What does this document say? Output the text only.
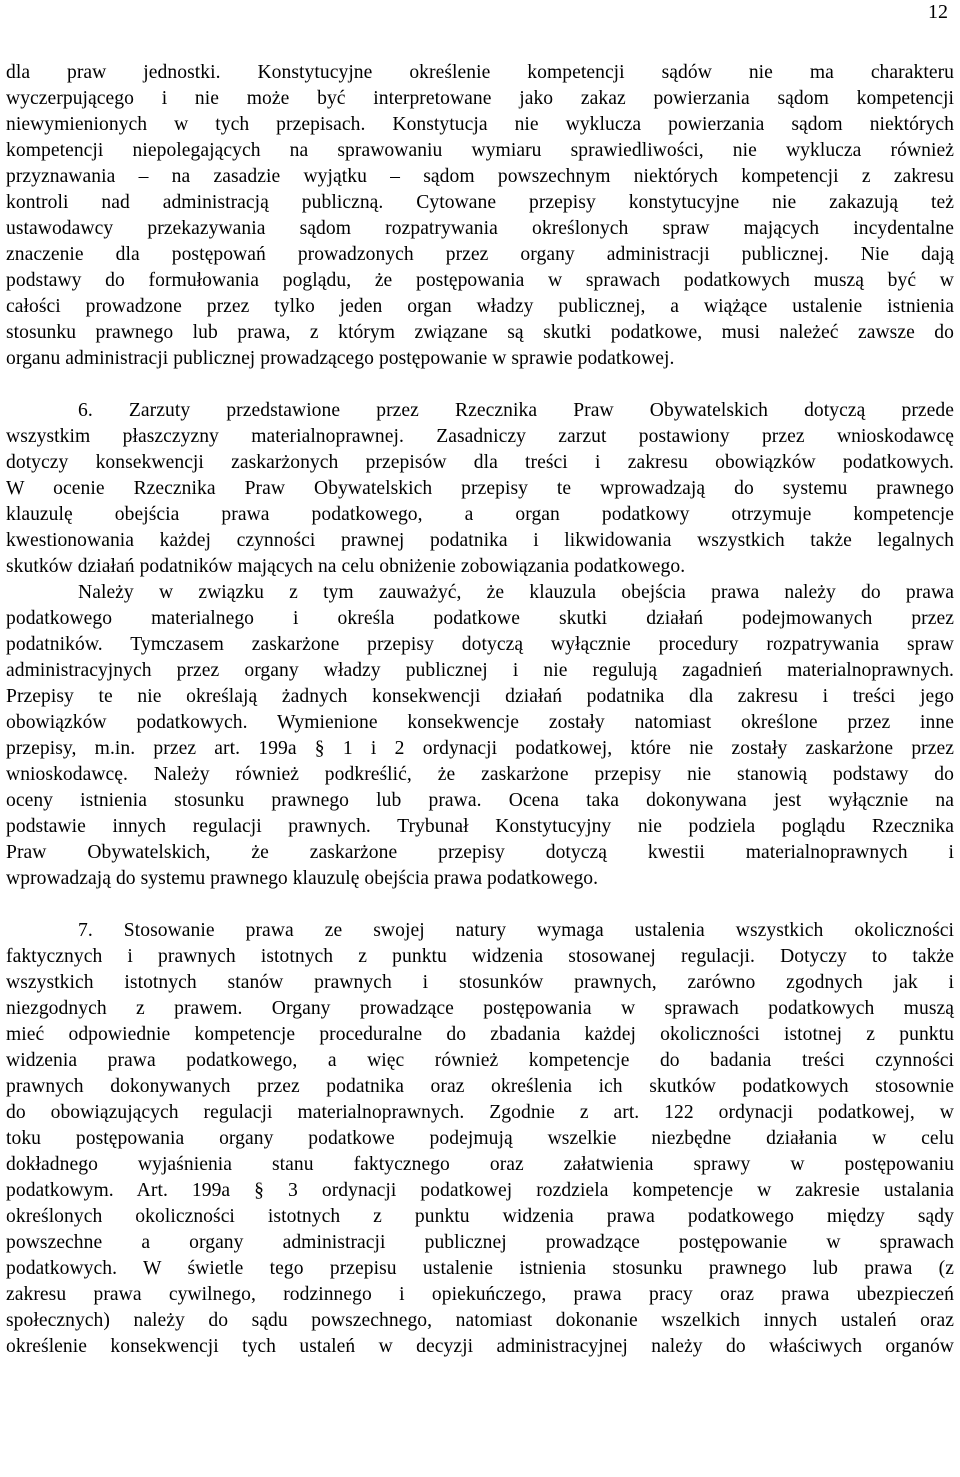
12
dla praw jednostki. Konstytucyjne określenie kompetencji sądów nie ma charakteru
wyczerpującego i nie może być interpretowane jako zakaz powierzania sądom kompetencji
niewymienionych w tych przepisach. Konstytucja nie wyklucza powierzania sądom niektórych
kompetencji niepolegających na sprawowaniu wymiaru sprawiedliwości, nie wyklucza również
przyznawania – na zasadzie wyjątku – sądom powszechnym niektórych kompetencji z zakresu
kontroli nad administracją publiczną. Cytowane przepisy konstytucyjne nie zakazują też
ustawodawcy przekazywania sądom rozpatrywania określonych spraw mających incydentalne
znaczenie dla postępowań prowadzonych przez organy administracji publicznej. Nie dają
podstawy do formułowania poglądu, że postępowania w sprawach podatkowych muszą być w
całości prowadzone przez tylko jeden organ władzy publicznej, a wiążące ustalenie istnienia
stosunku prawnego lub prawa, z którym związane są skutki podatkowe, musi należeć zawsze do
organu administracji publicznej prowadzącego postępowanie w sprawie podatkowej.
6. Zarzuty przedstawione przez Rzecznika Praw Obywatelskich dotyczą przede
wszystkim płaszczyzny materialnoprawnej. Zasadniczy zarzut postawiony przez wnioskodawcę
dotyczy konsekwencji zaskarżonych przepisów dla treści i zakresu obowiązków podatkowych.
W ocenie Rzecznika Praw Obywatelskich przepisy te wprowadzają do systemu prawnego
klauzulę obejścia prawa podatkowego, a organ podatkowy otrzymuje kompetencje
kwestionowania każdej czynności prawnej podatnika i likwidowania wszystkich także legalnych
skutków działań podatników mających na celu obniżenie zobowiązania podatkowego.
Należy w związku z tym zauważyć, że klauzula obejścia prawa należy do prawa
podatkowego materialnego i określa podatkowe skutki działań podejmowanych przez
podatników. Tymczasem zaskarżone przepisy dotyczą wyłącznie procedury rozpatrywania spraw
administracyjnych przez organy władzy publicznej i nie regulują zagadnień materialnoprawnych.
Przepisy te nie określają żadnych konsekwencji działań podatnika dla zakresu i treści jego
obowiązków podatkowych. Wymienione konsekwencje zostały natomiast określone przez inne
przepisy, m.in. przez art. 199a § 1 i 2 ordynacji podatkowej, które nie zostały zaskarżone przez
wnioskodawcę. Należy również podkreślić, że zaskarżone przepisy nie stanowią podstawy do
oceny istnienia stosunku prawnego lub prawa. Ocena taka dokonywana jest wyłącznie na
podstawie innych regulacji prawnych. Trybunał Konstytucyjny nie podziela poglądu Rzecznika
Praw Obywatelskich, że zaskarżone przepisy dotyczą kwestii materialnoprawnych i
wprowadzają do systemu prawnego klauzulę obejścia prawa podatkowego.
7. Stosowanie prawa ze swojej natury wymaga ustalenia wszystkich okoliczności
faktycznych i prawnych istotnych z punktu widzenia stosowanej regulacji. Dotyczy to także
wszystkich istotnych stanów prawnych i stosunków prawnych, zarówno zgodnych jak i
niezgodnych z prawem. Organy prowadzące postępowania w sprawach podatkowych muszą
mieć odpowiednie kompetencje proceduralne do zbadania każdej okoliczności istotnej z punktu
widzenia prawa podatkowego, a więc również kompetencje do badania treści czynności
prawnych dokonywanych przez podatnika oraz określenia ich skutków podatkowych stosownie
do obowiązujących regulacji materialnoprawnych. Zgodnie z art. 122 ordynacji podatkowej, w
toku postępowania organy podatkowe podejmują wszelkie niezbędne działania w celu
dokładnego wyjaśnienia stanu faktycznego oraz załatwienia sprawy w postępowaniu
podatkowym. Art. 199a § 3 ordynacji podatkowej rozdziela kompetencje w zakresie ustalania
określonych okoliczności istotnych z punktu widzenia prawa podatkowego między sądy
powszechne a organy administracji publicznej prowadzące postępowanie w sprawach
podatkowych. W świetle tego przepisu ustalenie istnienia stosunku prawnego lub prawa (z
zakresu prawa cywilnego, rodzinnego i opiekuńczego, prawa pracy oraz prawa ubezpieczeń
społecznych) należy do sądu powszechnego, natomiast dokonanie wszelkich innych ustaleń oraz
określenie konsekwencji tych ustaleń w decyzji administracyjnej należy do właściwych organów
